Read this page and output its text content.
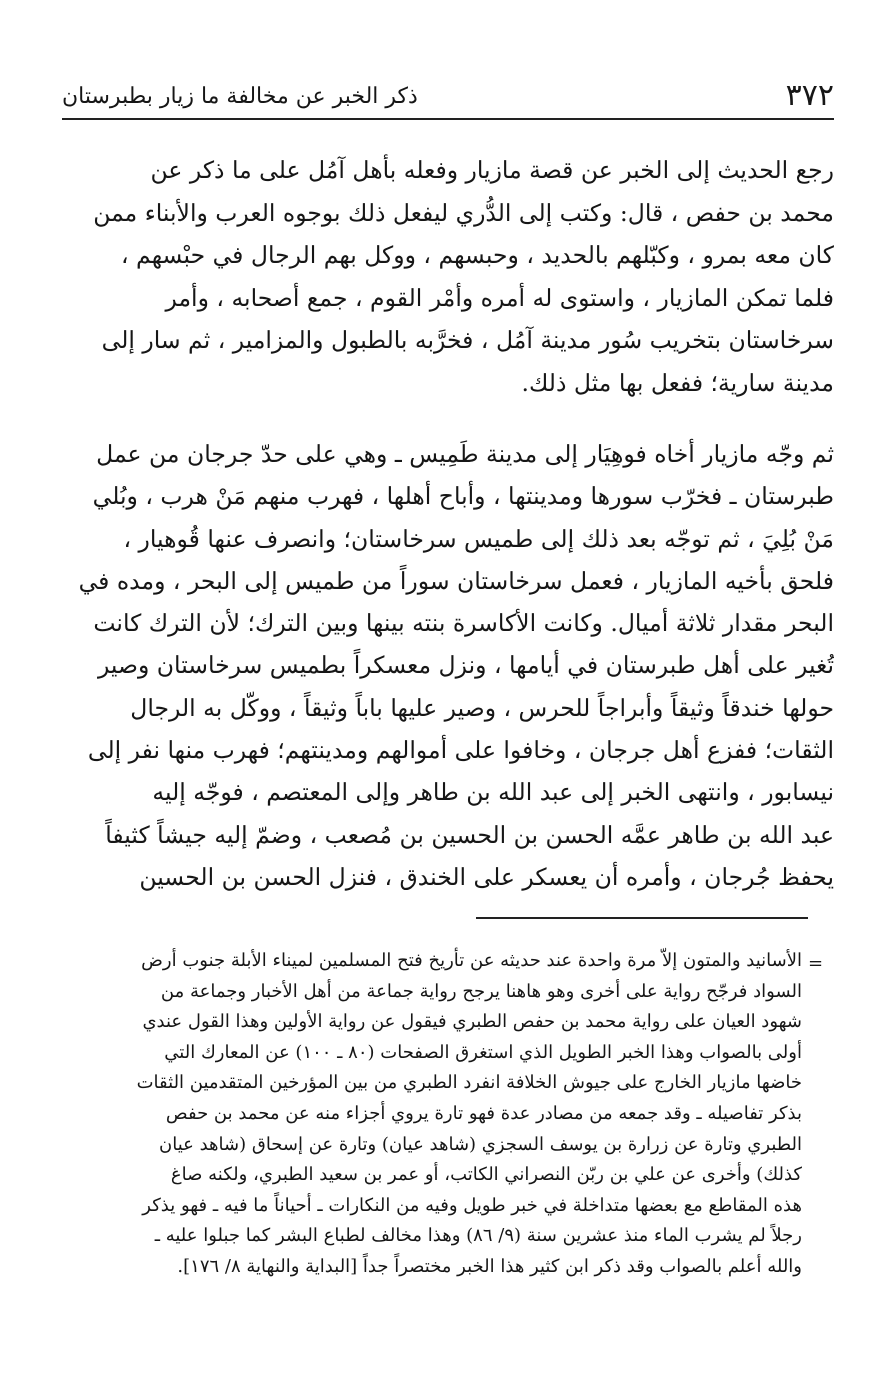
٣٧٢
ذكر الخبر عن مخالفة ما زيار بطبرستان

رجع الحديث إلى الخبر عن قصة مازيار وفعله بأهل آمُل على ما ذكر عن
محمد بن حفص ، قال: وكتب إلى الدُّري ليفعل ذلك بوجوه العرب والأبناء ممن
كان معه بمرو ، وكبّلهم بالحديد ، وحبسهم ، ووكل بهم الرجال في حبْسهم ،
فلما تمكن المازيار ، واستوى له أمره وأمْر القوم ، جمع أصحابه ، وأمر
سرخاستان بتخريب سُور مدينة آمُل ، فخرَّبه بالطبول والمزامير ، ثم سار إلى
مدينة سارية؛ ففعل بها مثل ذلك.

ثم وجّه مازيار أخاه فوهِيَار إلى مدينة طَمِيس ـ وهي على حدّ جرجان من عمل
طبرستان ـ فخرّب سورها ومدينتها ، وأباح أهلها ، فهرب منهم مَنْ هرب ، وبُلي
مَنْ بُلِيَ ، ثم توجّه بعد ذلك إلى طميس سرخاستان؛ وانصرف عنها قُوهيار ،
فلحق بأخيه المازيار ، فعمل سرخاستان سوراً من طميس إلى البحر ، ومده في
البحر مقدار ثلاثة أميال. وكانت الأكاسرة بنته بينها وبين الترك؛ لأن الترك كانت
تُغير على أهل طبرستان في أيامها ، ونزل معسكراً بطميس سرخاستان وصير
حولها خندقاً وثيقاً وأبراجاً للحرس ، وصير عليها باباً وثيقاً ، ووكّل به الرجال
الثقات؛ ففزع أهل جرجان ، وخافوا على أموالهم ومدينتهم؛ فهرب منها نفر إلى
نيسابور ، وانتهى الخبر إلى عبد الله بن طاهر وإلى المعتصم ، فوجّه إليه
عبد الله بن طاهر عمَّه الحسن بن الحسين بن مُصعب ، وضمّ إليه جيشاً كثيفاً
يحفظ جُرجان ، وأمره أن يعسكر على الخندق ، فنزل الحسن بن الحسين

=

الأسانيد والمتون إلاّ مرة واحدة عند حديثه عن تأريخ فتح المسلمين لميناء الأبلة جنوب أرض
السواد فرجّح رواية على أخرى وهو هاهنا يرجح رواية جماعة من أهل الأخبار وجماعة من
شهود العيان على رواية محمد بن حفص الطبري فيقول عن رواية الأولين وهذا القول عندي
أولى بالصواب وهذا الخبر الطويل الذي استغرق الصفحات (٨٠ ـ ١٠٠) عن المعارك التي
خاضها مازيار الخارج على جيوش الخلافة انفرد الطبري من بين المؤرخين المتقدمين الثقات
بذكر تفاصيله ـ وقد جمعه من مصادر عدة فهو تارة يروي أجزاء منه عن محمد بن حفص
الطبري وتارة عن زرارة بن يوسف السجزي (شاهد عيان) وتارة عن إسحاق (شاهد عيان
كذلك) وأخرى عن علي بن ربّن النصراني الكاتب، أو عمر بن سعيد الطبري، ولكنه صاغ
هذه المقاطع مع بعضها متداخلة في خبر طويل وفيه من النكارات ـ أحياناً ما فيه ـ فهو يذكر
رجلاً لم يشرب الماء منذ عشرين سنة (٩/ ٨٦) وهذا مخالف لطباع البشر كما جبلوا عليه ـ
والله أعلم بالصواب وقد ذكر ابن كثير هذا الخبر مختصراً جداً [البداية والنهاية ٨/ ١٧٦].
